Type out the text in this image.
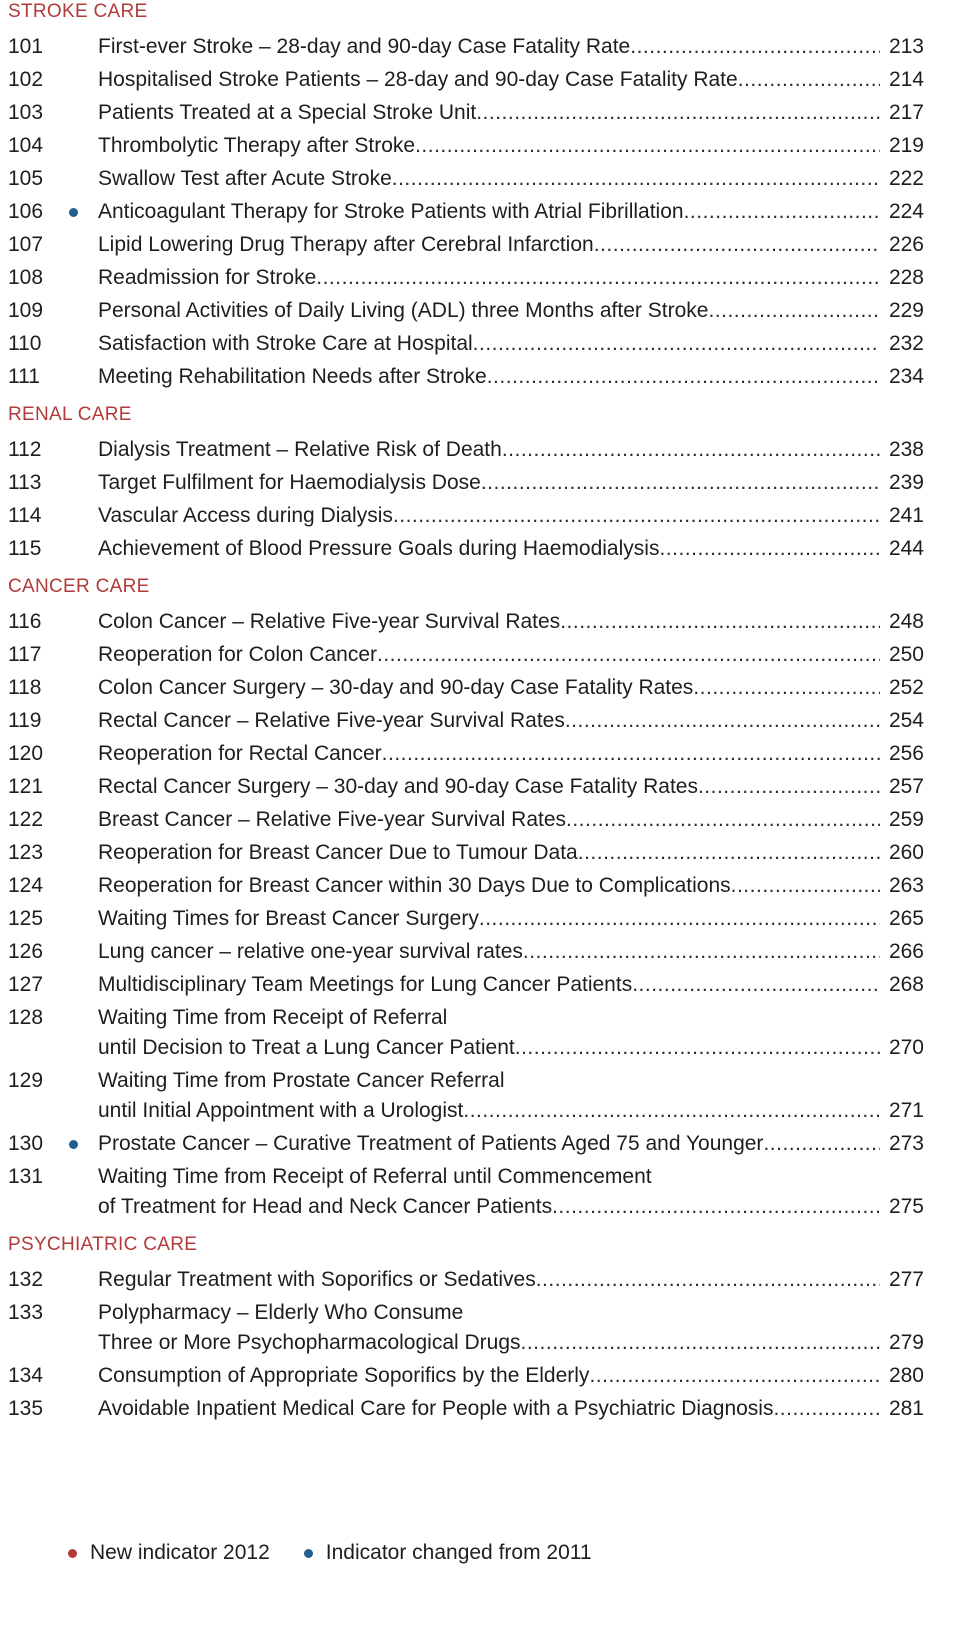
STROKE CARE
101	First-ever Stroke – 28-day and 90-day Case Fatality Rate .....	213
102	Hospitalised Stroke Patients – 28-day and 90-day Case Fatality Rate .....	214
103	Patients Treated at a Special Stroke Unit .....	217
104	Thrombolytic Therapy after Stroke .....	219
105	Swallow Test after Acute Stroke .....	222
106	Anticoagulant Therapy for Stroke Patients with Atrial Fibrillation .....	224
107	Lipid Lowering Drug Therapy after Cerebral Infarction .....	226
108	Readmission for Stroke .....	228
109	Personal Activities of Daily Living (ADL) three Months after Stroke .....	229
110	Satisfaction with Stroke Care at Hospital .....	232
111	Meeting Rehabilitation Needs after Stroke .....	234
RENAL CARE
112	Dialysis Treatment – Relative Risk of Death .....	238
113	Target Fulfilment for Haemodialysis Dose .....	239
114	Vascular Access during Dialysis .....	241
115	Achievement of Blood Pressure Goals during Haemodialysis .....	244
CANCER CARE
116	Colon Cancer – Relative Five-year Survival Rates .....	248
117	Reoperation for Colon Cancer .....	250
118	Colon Cancer Surgery – 30-day and 90-day Case Fatality Rates .....	252
119	Rectal Cancer – Relative Five-year Survival Rates .....	254
120	Reoperation for Rectal Cancer .....	256
121	Rectal Cancer Surgery – 30-day and 90-day Case Fatality Rates .....	257
122	Breast Cancer – Relative Five-year Survival Rates .....	259
123	Reoperation for Breast Cancer Due to Tumour Data .....	260
124	Reoperation for Breast Cancer within 30 Days Due to Complications .....	263
125	Waiting Times for Breast Cancer Surgery .....	265
126	Lung cancer – relative one-year survival rates .....	266
127	Multidisciplinary Team Meetings for Lung Cancer Patients .....	268
128	Waiting Time from Receipt of Referral
until Decision to Treat a Lung Cancer Patient .....	270
129	Waiting Time from Prostate Cancer Referral
until Initial Appointment with a Urologist .....	271
130	Prostate Cancer – Curative Treatment of Patients Aged 75 and Younger .....	273
131	Waiting Time from Receipt of Referral until Commencement
of Treatment for Head and Neck Cancer Patients .....	275
PSYCHIATRIC CARE
132	Regular Treatment with Soporifics or Sedatives .....	277
133	Polypharmacy – Elderly Who Consume
Three or More Psychopharmacological Drugs .....	279
134	Consumption of Appropriate Soporifics by the Elderly .....	280
135	Avoidable Inpatient Medical Care for People with a Psychiatric Diagnosis .....	281
New indicator 2012	Indicator changed from 2011
